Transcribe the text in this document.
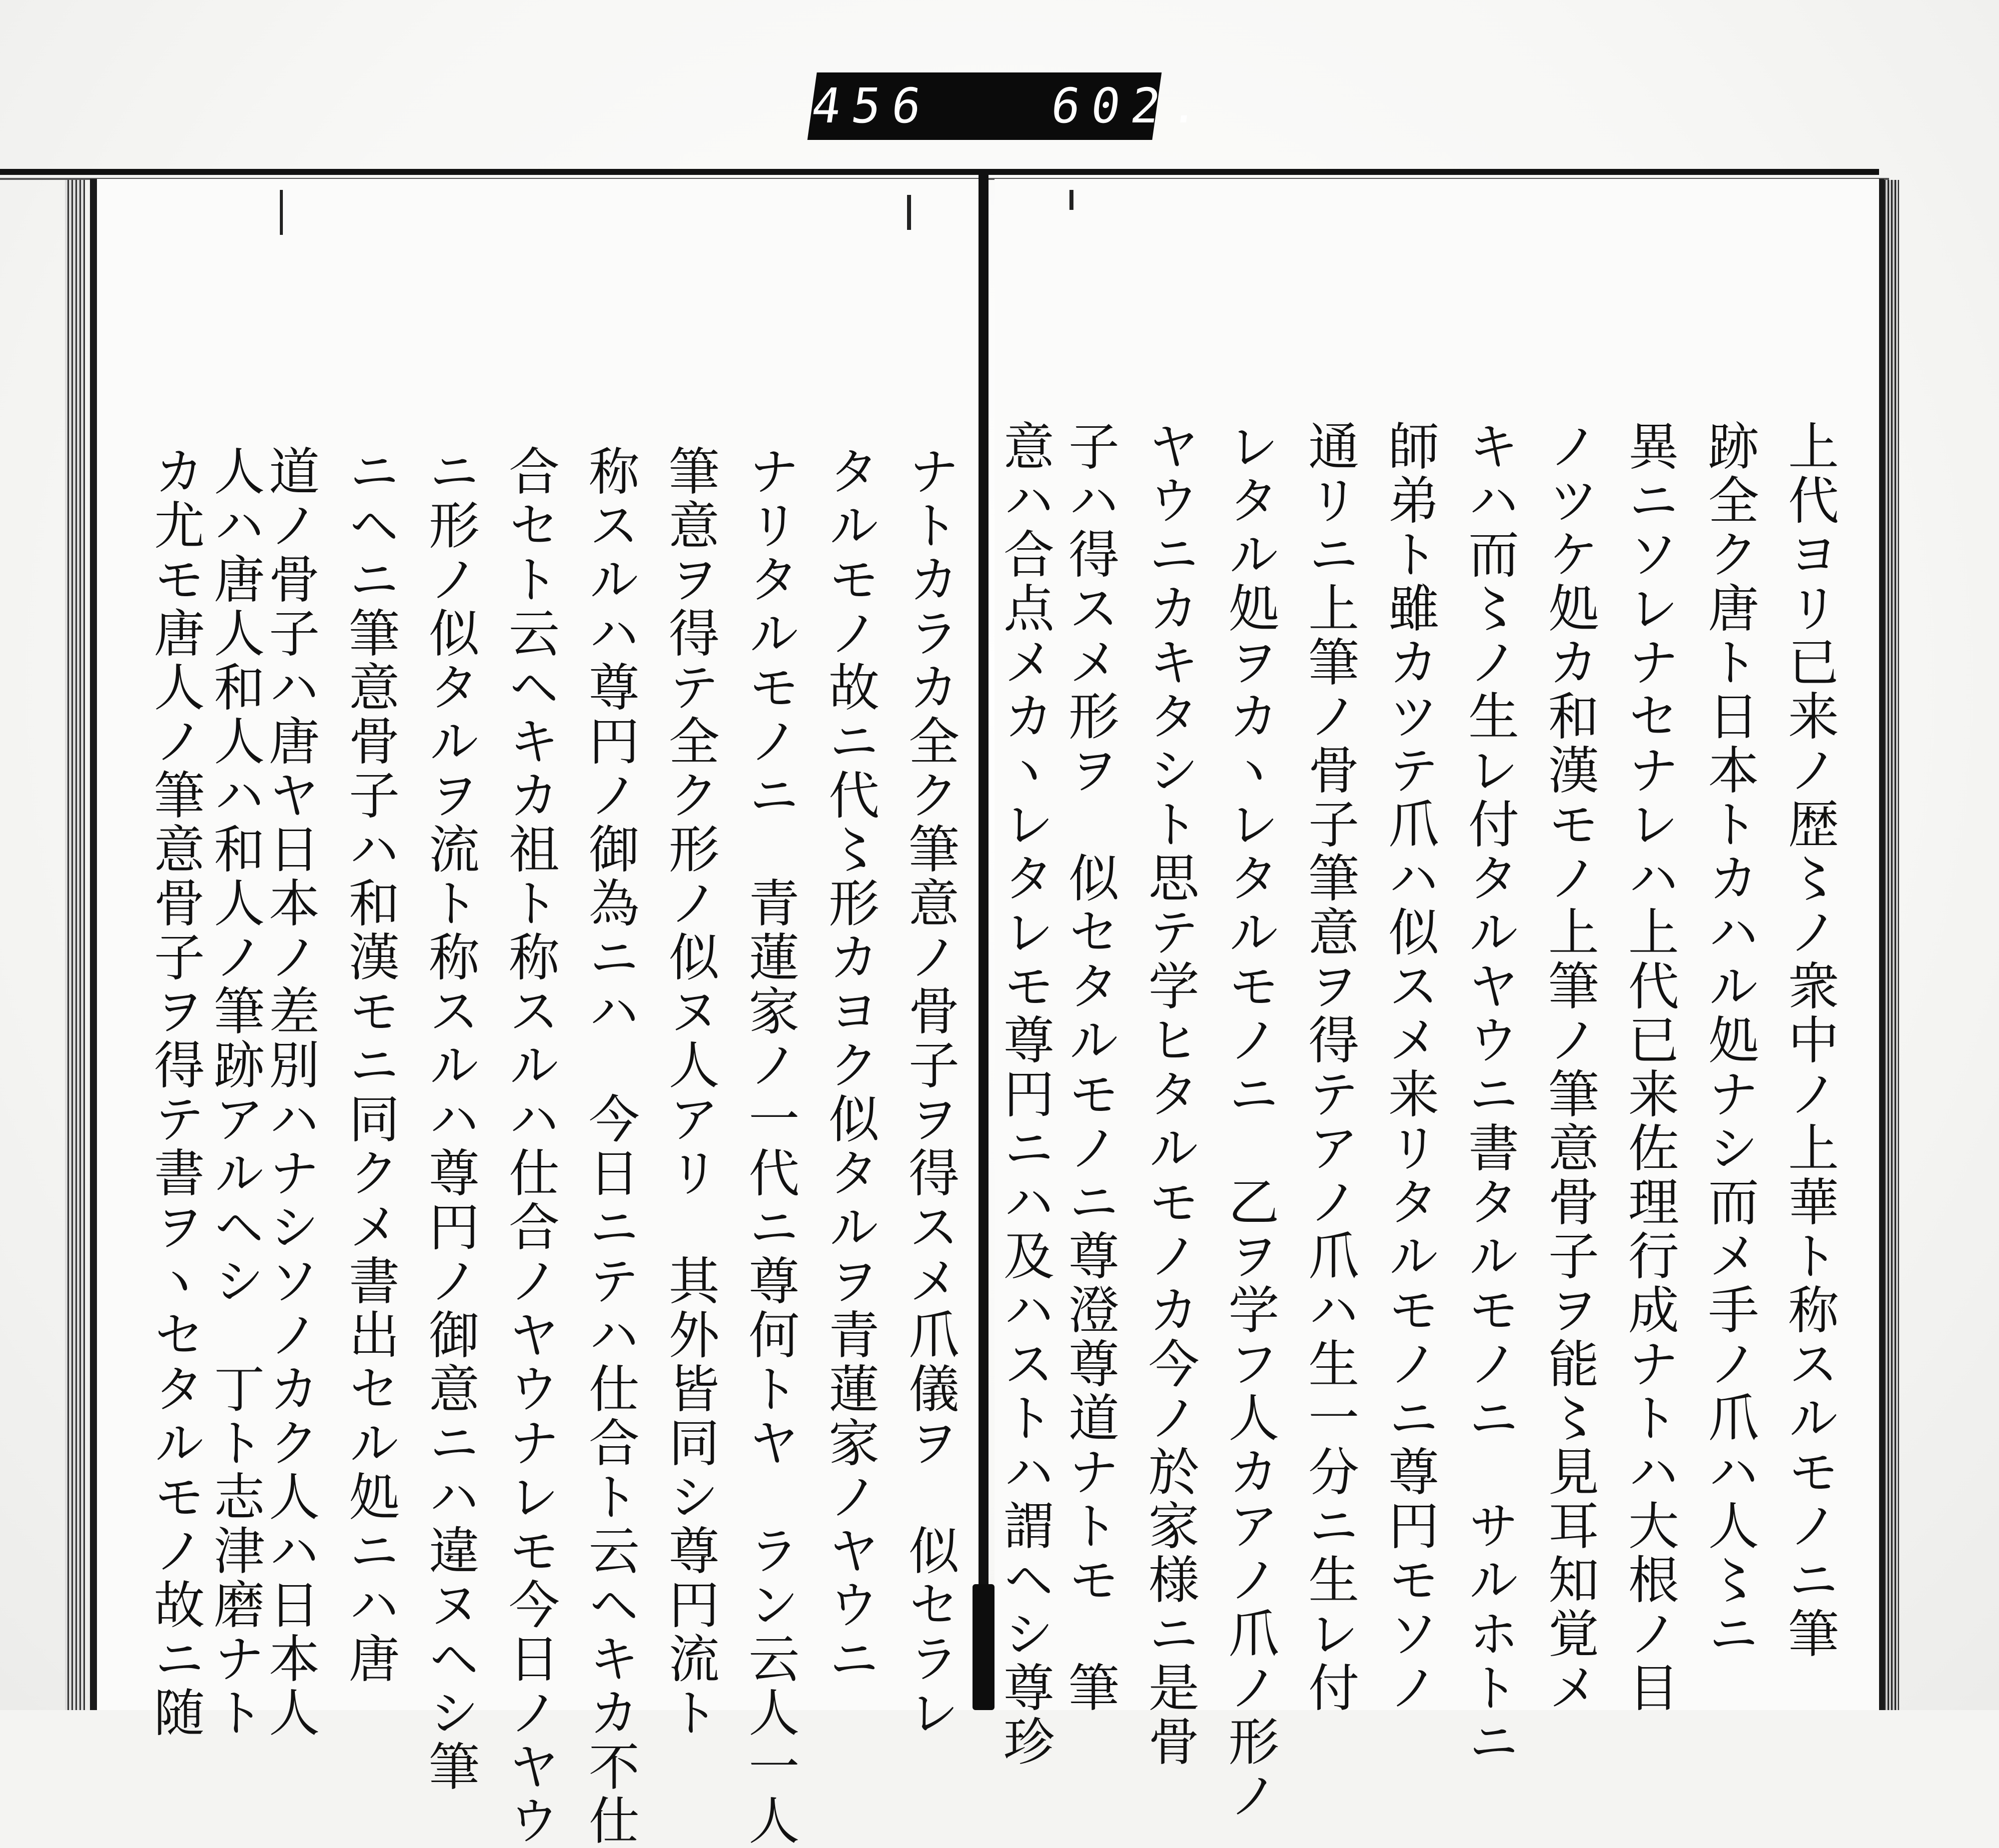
456   602.
上代ヨリ已来ノ歴〻ノ衆中ノ上華ト称スルモノニ筆
跡全ク唐ト日本トカハル処ナシ而メ手ノ爪ハ人〻ニ
異ニソレナセナレハ上代已来佐理行成ナトハ大根ノ目
ノツケ処カ和漢モノ上筆ノ筆意骨子ヲ能〻見耳知覚メ
キハ而〻ノ生レ付タルヤウニ書タルモノニ　サルホトニ
師弟ト雖カツテ爪ハ似スメ来リタルモノニ尊円モソノ
通リニ上筆ノ骨子筆意ヲ得テアノ爪ハ生一分ニ生レ付
レタル処ヲカヽレタルモノニ　乙ヲ学フ人カアノ爪ノ形ノ
ヤウニカキタシト思テ学ヒタルモノカ今ノ於家様ニ是骨
子ハ得スメ形ヲ　似セタルモノニ尊澄尊道ナトモ　筆
意ハ合点メカヽレタレモ尊円ニハ及ハストハ謂ヘシ尊珍
ナトカラカ全ク筆意ノ骨子ヲ得スメ爪儀ヲ　似セラレ
タルモノ故ニ代〻形カヨク似タルヲ青蓮家ノヤウニ
ナリタルモノニ　青蓮家ノ一代ニ尊何トヤ　ラン云人一人
筆意ヲ得テ全ク形ノ似ヌ人アリ　其外皆同シ尊円流ト
称スルハ尊円ノ御為ニハ　今日ニテハ仕合ト云ヘキカ不仕
合セト云ヘキカ祖ト称スルハ仕合ノヤウナレモ今日ノヤウ
ニ形ノ似タルヲ流ト称スルハ尊円ノ御意ニハ違ヌヘシ筆
ニヘニ筆意骨子ハ和漢モニ同クメ書出セル処ニハ唐
道ノ骨子ハ唐ヤ日本ノ差別ハナシソノカク人ハ日本人
人ハ唐人和人ハ和人ノ筆跡アルヘシ　丁ト志津磨ナト
カ尤モ唐人ノ筆意骨子ヲ得テ書ヲヽセタルモノ故ニ随
